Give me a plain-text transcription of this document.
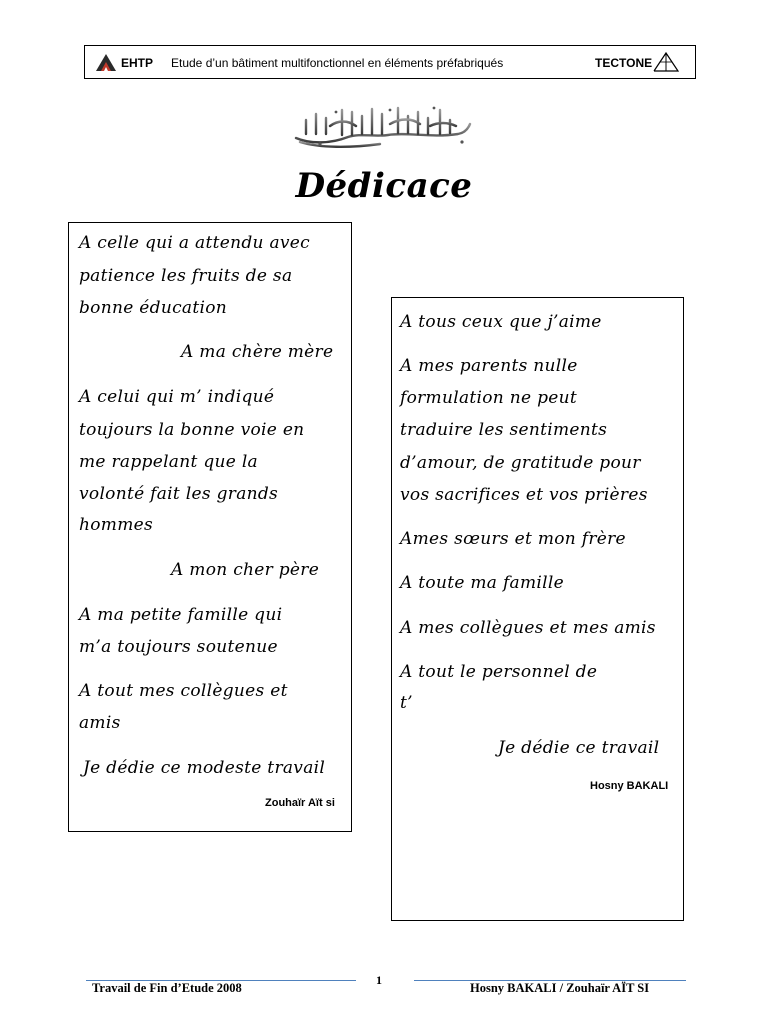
EHTP Etude d’un bâtiment multifonctionnel en éléments préfabriqués	TECTONE
Dédicace
A celle qui a attendu avec
patience les fruits de sa
bonne éducation
A ma chère mère
A celui qui m’ indiqué
toujours la bonne voie en
me rappelant que la
volonté fait les grands
hommes
A mon cher père
A ma petite famille qui
m’a toujours soutenue
A tout mes collègues et
amis
Je dédie ce modeste travail
Zouhaïr Aït si
A tous ceux que j’aime
A mes parents nulle
formulation ne peut
traduire les sentiments
d’amour, de gratitude pour
vos sacrifices et vos prières
Ames sœurs et mon frère
A toute ma famille
A mes collègues et mes amis
A tout le personnel de
t’
Je dédie ce travail
Hosny BAKALI
Travail de Fin d’Etude 2008
1
Hosny BAKALI / Zouhaïr AÏT SI
